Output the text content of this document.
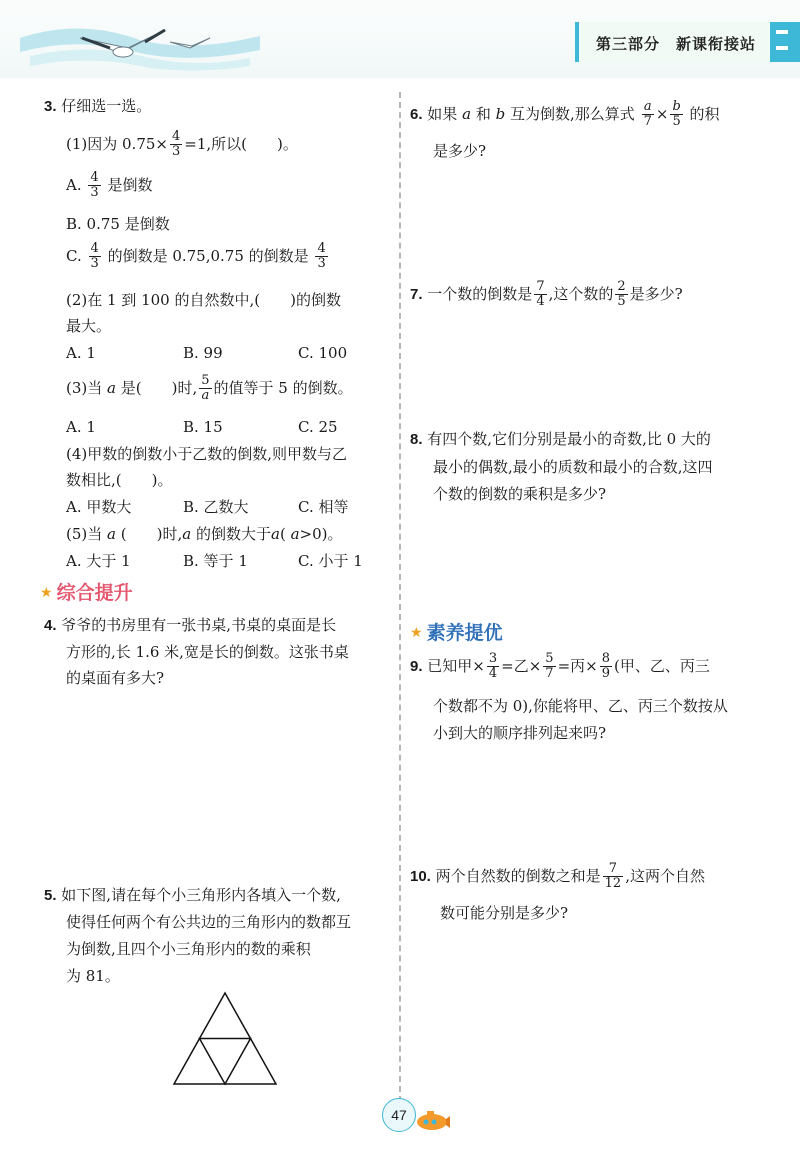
第三部分　新课衔接站
3. 仔细选一选。
(1)因为 $0.75\times \frac{4}{3} =1$,所以(　　)。
A. $\frac{4}{3}$ 是倒数
B. 0.75 是倒数
C. $\frac{4}{3}$ 的倒数是 0.75,0.75 的倒数是 $\frac{4}{3}$
(2)在 1 到 100 的自然数中,(　　)的倒数
最大。
A. 1	B. 99	C. 100
(3)当 a 是(　　)时, $\frac{5}{a}$ 的值等于 5 的倒数。
A. 1	B. 15	C. 25
(4)甲数的倒数小于乙数的倒数,则甲数与乙
数相比,(　　)。
A. 甲数大	B. 乙数大	C. 相等
(5)当 a (　　)时,a 的倒数大于a( a>0)。
A. 大于 1	B. 等于 1	C. 小于 1
★ 综合提升
4. 爷爷的书房里有一张书桌,书桌的桌面是长
方形的,长 1.6 米,宽是长的倒数。这张书桌
的桌面有多大?
5. 如下图,请在每个小三角形内各填入一个数,
使得任何两个有公共边的三角形内的数都互
为倒数,且四个小三角形内的数的乘积
为 81。
6. 如果 a 和 b 互为倒数,那么算式 $\frac{a}{7} \times \frac{b}{5}$ 的积
是多少?
7. 一个数的倒数是 $\frac{7}{4}$ ,这个数的 $\frac{2}{5}$ 是多少?
8. 有四个数,它们分别是最小的奇数,比 0 大的
最小的偶数,最小的质数和最小的合数,这四
个数的倒数的乘积是多少?
★ 素养提优
9. 已知甲× $\frac{3}{4}$ =乙× $\frac{5}{7}$ =丙× $\frac{8}{9}$ (甲、乙、丙三
个数都不为 0),你能将甲、乙、丙三个数按从
小到大的顺序排列起来吗?
10. 两个自然数的倒数之和是 $\frac{7}{12}$ ,这两个自然
数可能分别是多少?
47
